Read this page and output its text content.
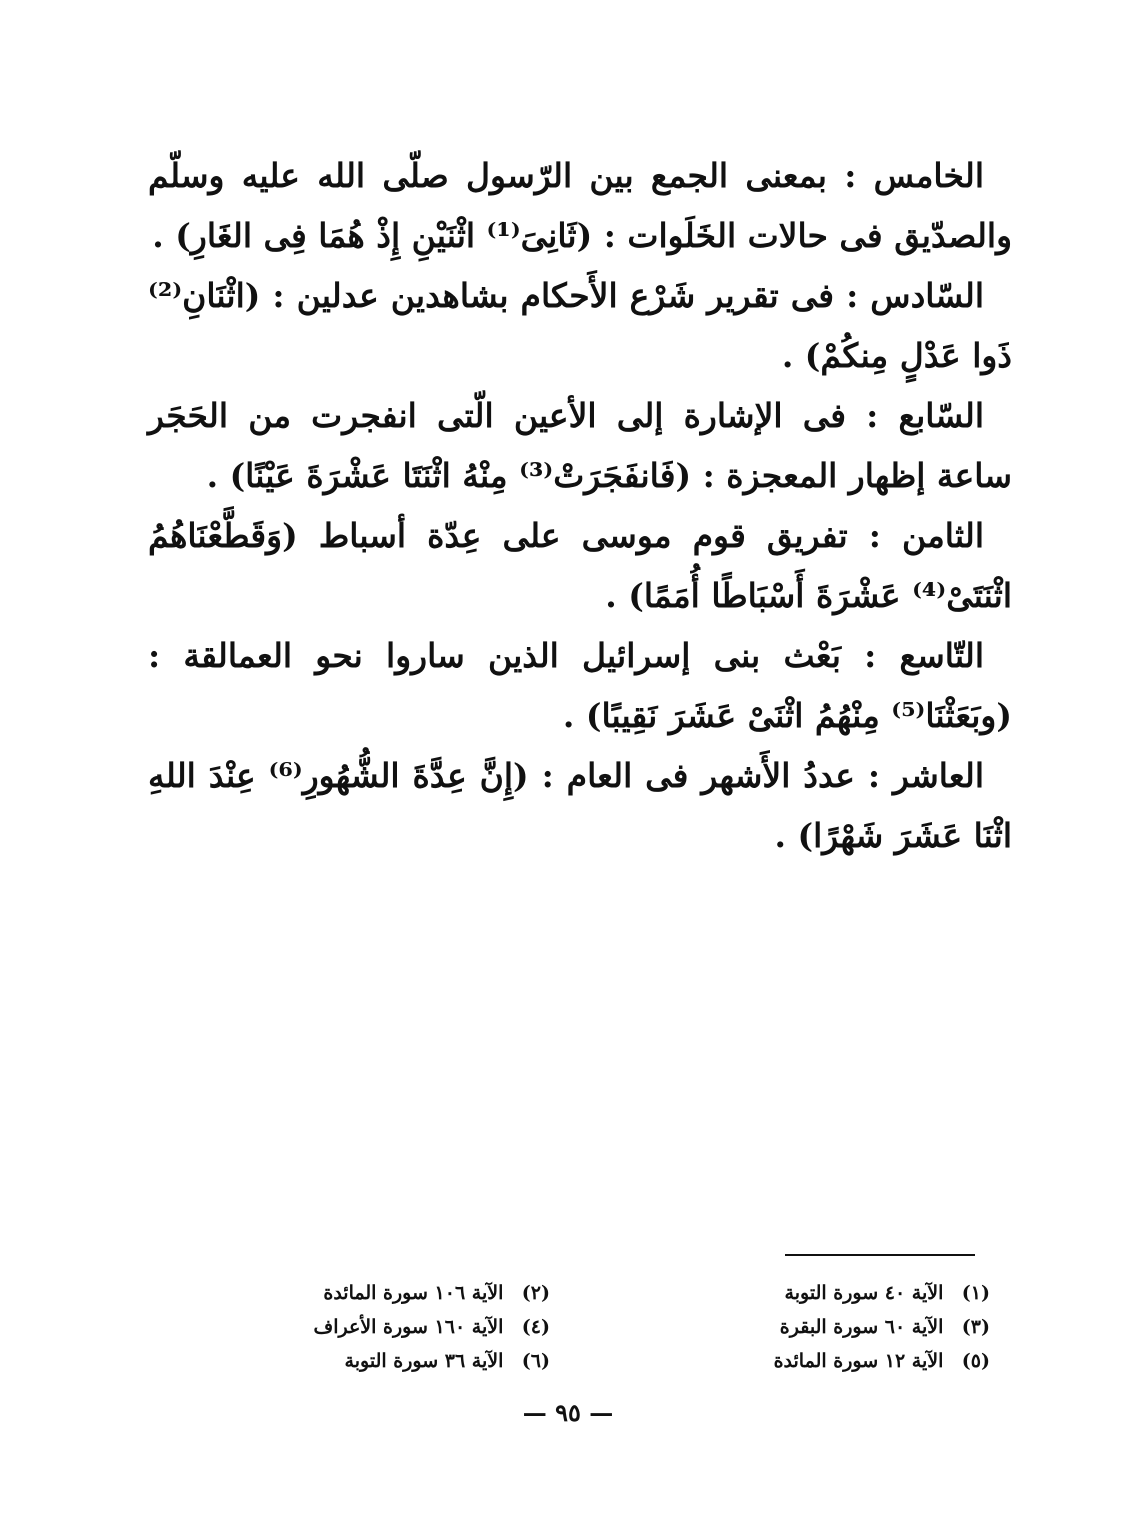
الخامس : بمعنى الجمع بين الرّسول صلّى الله عليه وسلّم والصدّيق فى حالات الخَلَوات : (ثَانِىَ⁽¹⁾ اثْنَيْنِ إِذْ هُمَا فِى الغَارِ) .

السّادس : فى تقرير شَرْع الأَحكام بشاهدين عدلين : (اثْنَانِ⁽²⁾ ذَوا عَدْلٍ مِنكُمْ) .

السّابع : فى الإشارة إلى الأعين الّتى انفجرت من الحَجَر ساعة إظهار المعجزة : (فَانفَجَرَتْ⁽³⁾ مِنْهُ اثْنَتَا عَشْرَةَ عَيْنًا) .

الثامن : تفريق قوم موسى على عِدّة أسباط (وَقَطَّعْنَاهُمُ اثْنَتَىْ⁽⁴⁾ عَشْرَةَ أَسْبَاطًا أُمَمًا) .

التّاسع : بَعْث بنى إسرائيل الذين ساروا نحو العمالقة : (وبَعَثْنَا⁽⁵⁾ مِنْهُمُ اثْنَىْ عَشَرَ نَقِيبًا) .

العاشر : عددُ الأَشهر فى العام : (إِنَّ عِدَّةَ الشُّهُورِ⁽⁶⁾ عِنْدَ اللهِ اثْنَا عَشَرَ شَهْرًا) .

(١) الآية ٤٠ سورة التوبة
(٣) الآية ٦٠ سورة البقرة
(٥) الآية ١٢ سورة المائدة
(٢) الآية ١٠٦ سورة المائدة
(٤) الآية ١٦٠ سورة الأعراف
(٦) الآية ٣٦ سورة التوبة
— ٩٥ —
